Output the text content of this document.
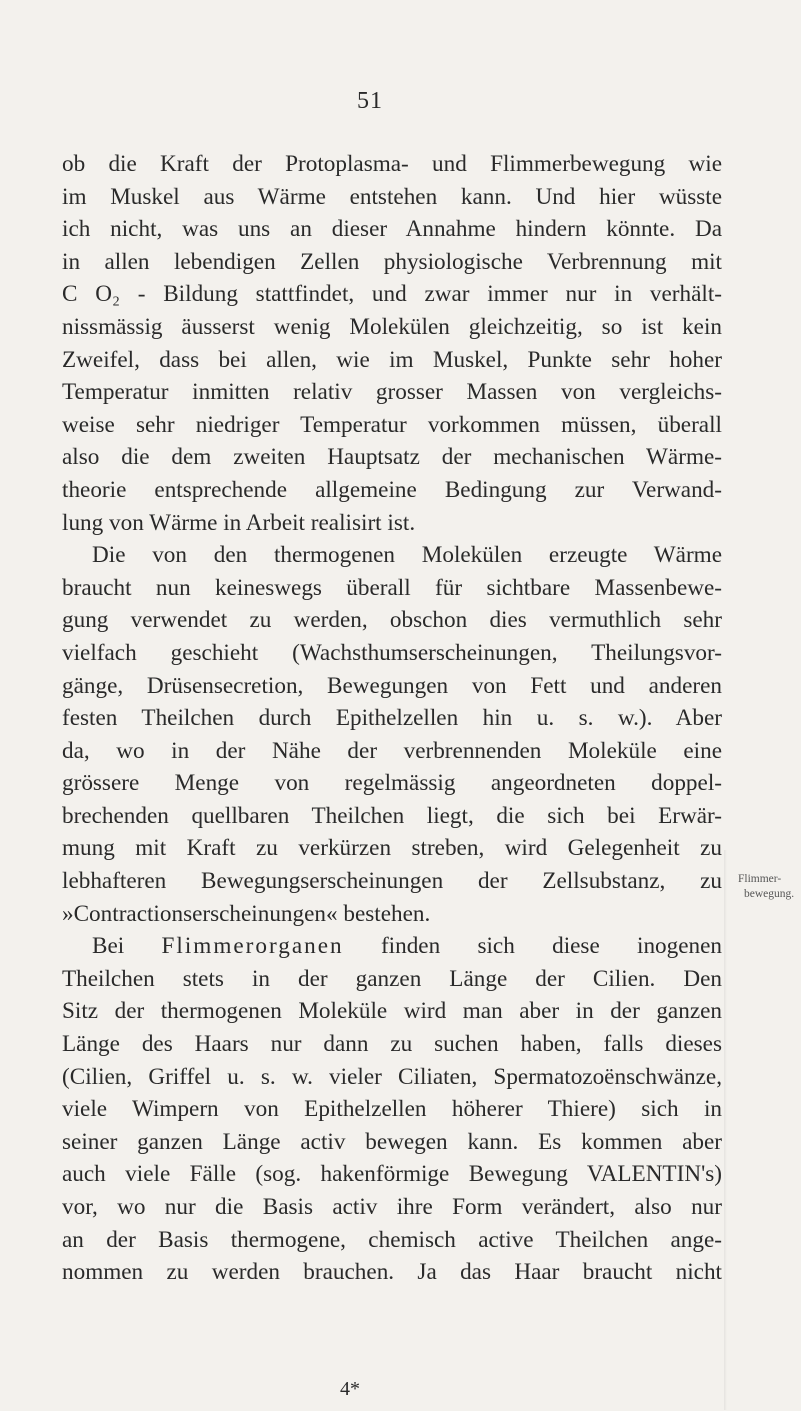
51
ob die Kraft der Protoplasma- und Flimmerbewegung wie
im Muskel aus Wärme entstehen kann. Und hier wüsste
ich nicht, was uns an dieser Annahme hindern könnte. Da
in allen lebendigen Zellen physiologische Verbrennung mit
C O₂ - Bildung stattfindet, und zwar immer nur in verhält-
nissmässig äusserst wenig Molekülen gleichzeitig, so ist kein
Zweifel, dass bei allen, wie im Muskel, Punkte sehr hoher
Temperatur inmitten relativ grosser Massen von vergleichs-
weise sehr niedriger Temperatur vorkommen müssen, überall
also die dem zweiten Hauptsatz der mechanischen Wärme-
theorie entsprechende allgemeine Bedingung zur Verwand-
lung von Wärme in Arbeit realisirt ist.
Die von den thermogenen Molekülen erzeugte Wärme
braucht nun keineswegs überall für sichtbare Massenbewe-
gung verwendet zu werden, obschon dies vermuthlich sehr
vielfach geschieht (Wachsthumserscheinungen, Theilungsvor-
gänge, Drüsensecretion, Bewegungen von Fett und anderen
festen Theilchen durch Epithelzellen hin u. s. w.). Aber
da, wo in der Nähe der verbrennenden Moleküle eine
grössere Menge von regelmässig angeordneten doppel-
brechenden quellbaren Theilchen liegt, die sich bei Erwär-
mung mit Kraft zu verkürzen streben, wird Gelegenheit zu
lebhafteren Bewegungserscheinungen der Zellsubstanz, zu
»Contractionserscheinungen« bestehen.
Bei Flimmerorganen finden sich diese inogenen
Theilchen stets in der ganzen Länge der Cilien. Den
Sitz der thermogenen Moleküle wird man aber in der ganzen
Länge des Haars nur dann zu suchen haben, falls dieses
(Cilien, Griffel u. s. w. vieler Ciliaten, Spermatozoënschwänze,
viele Wimpern von Epithelzellen höherer Thiere) sich in
seiner ganzen Länge activ bewegen kann. Es kommen aber
auch viele Fälle (sog. hakenförmige Bewegung VALENTIN's)
vor, wo nur die Basis activ ihre Form verändert, also nur
an der Basis thermogene, chemisch active Theilchen ange-
nommen zu werden brauchen. Ja das Haar braucht nicht
Flimmer-
bewegung.
4*
